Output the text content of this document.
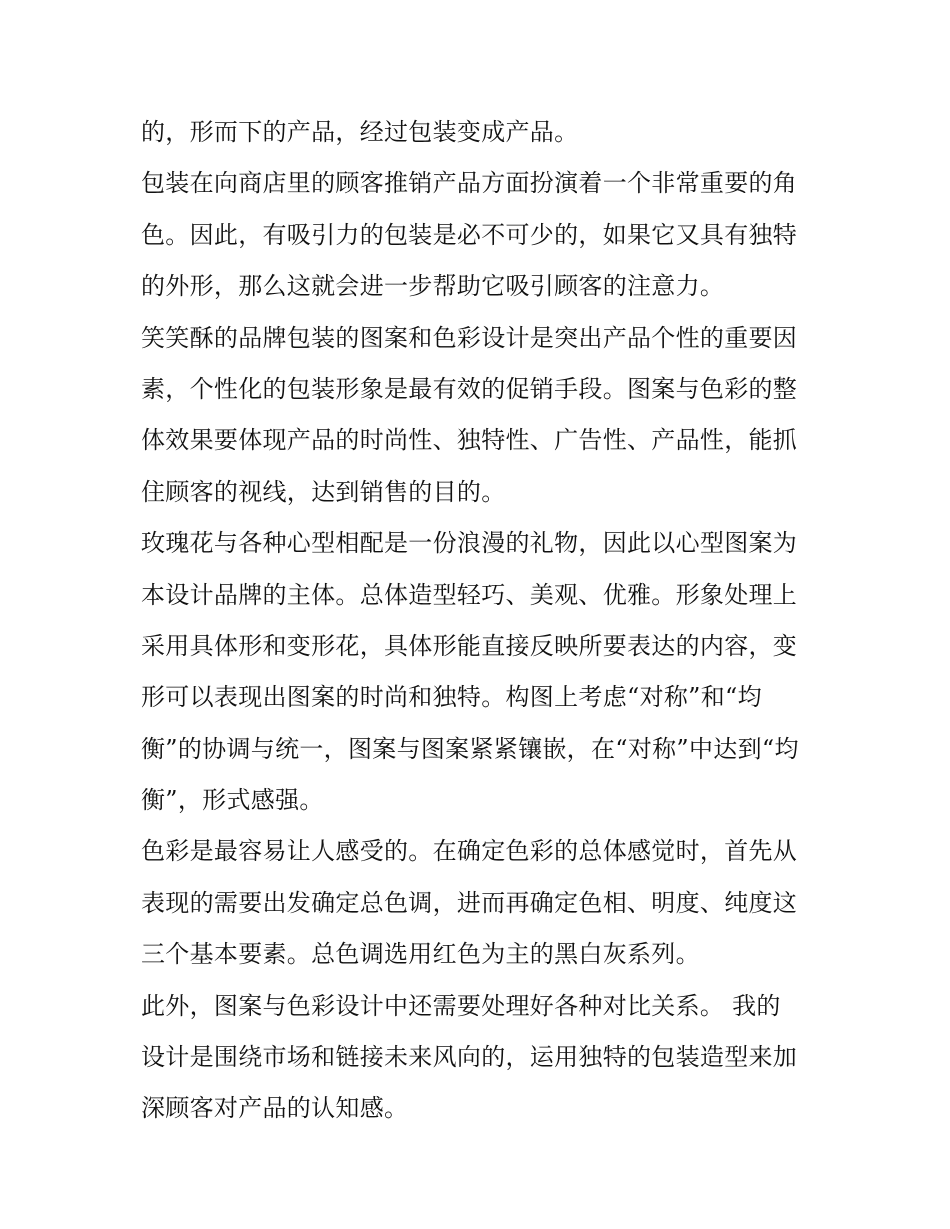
的，形而下的产品，经过包装变成产品。
包装在向商店里的顾客推销产品方面扮演着一个非常重要的角
色。因此，有吸引力的包装是必不可少的，如果它又具有独特
的外形，那么这就会进一步帮助它吸引顾客的注意力。
笑笑酥的品牌包装的图案和色彩设计是突出产品个性的重要因
素，个性化的包装形象是最有效的促销手段。图案与色彩的整
体效果要体现产品的时尚性、独特性、广告性、产品性，能抓
住顾客的视线，达到销售的目的。
玫瑰花与各种心型相配是一份浪漫的礼物，因此以心型图案为
本设计品牌的主体。总体造型轻巧、美观、优雅。形象处理上
采用具体形和变形花，具体形能直接反映所要表达的内容，变
形可以表现出图案的时尚和独特。构图上考虑“对称”和“均
衡”的协调与统一，图案与图案紧紧镶嵌，在“对称”中达到“均
衡”，形式感强。
色彩是最容易让人感受的。在确定色彩的总体感觉时，首先从
表现的需要出发确定总色调，进而再确定色相、明度、纯度这
三个基本要素。总色调选用红色为主的黑白灰系列。
此外，图案与色彩设计中还需要处理好各种对比关系。 我的
设计是围绕市场和链接未来风向的，运用独特的包装造型来加
深顾客对产品的认知感。
